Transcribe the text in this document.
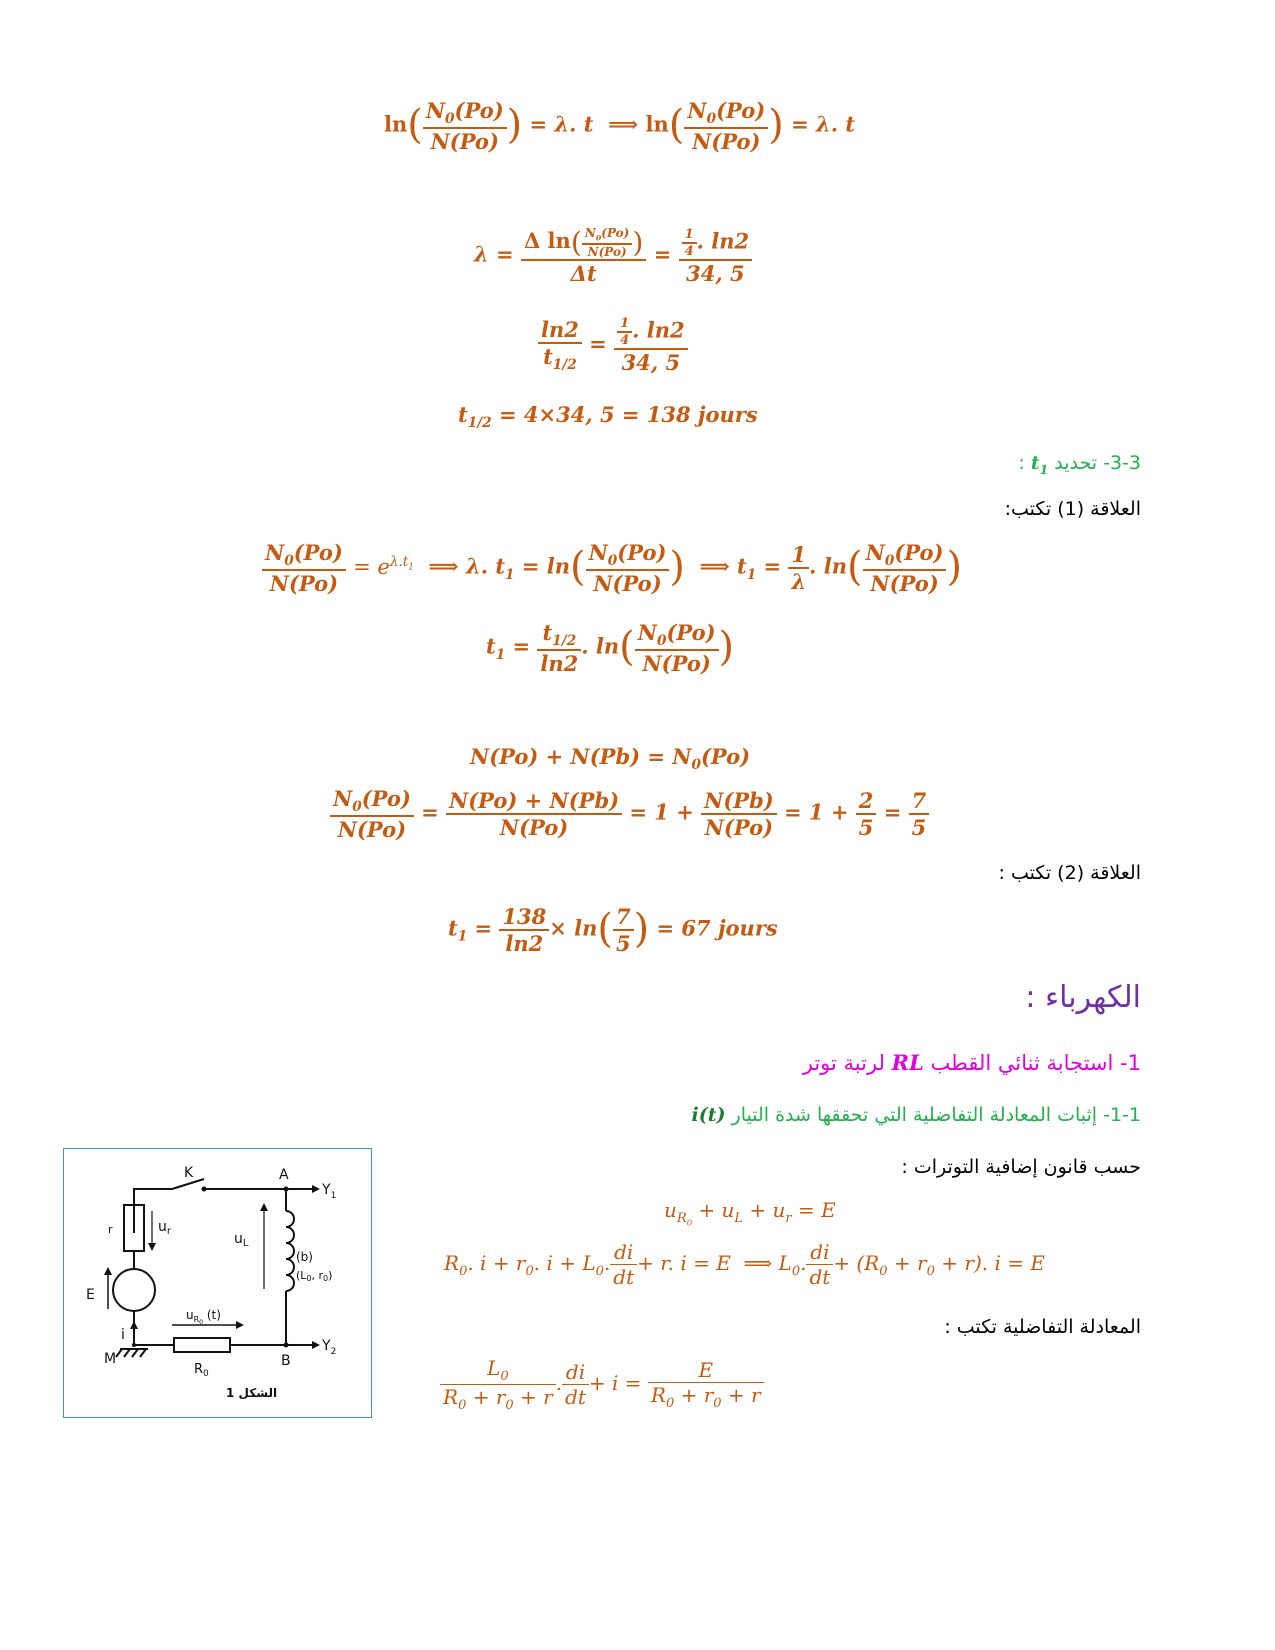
$\ln( \frac{N_0(Po)}{N(Po)}$ ) = λ. t ⟹ $\ln( \frac{N_0(Po)}{N(Po)}$ ) = λ. t
$\lambda = \frac{\Delta \ln( \frac{N_0(Po)}{N(Po)} )}{\Delta t} = \frac{\frac{1}{4} . \ln 2}{34, 5}$
$\frac{\ln 2}{t_{1/2}} = \frac{\frac{1}{4} . \ln 2}{34, 5}$
$t_{1/2} = 4\times 34$, 5 = 138 jours
3-3- تحديد $t_1$ :
العلاقة (1) تكتب:
$\frac{N_0(Po)}{N(Po)} = e^{\lambda.t_1}$  ⟹ λ. $t_1 = \ln( \frac{N_0(Po)}{N(Po)}$ )  ⟹ $t_1 = \frac{1}{\lambda}$ . $\ln( \frac{N_0(Po)}{N(Po)}$ )
$t_1 = \frac{t_{1/2}}{\ln 2}$ . $\ln( \frac{N_0(Po)}{N(Po)}$ )
$N(Po) + N(Pb) = N_0(Po)$
$\frac{N_0(Po)}{N(Po)} = \frac{N(Po) + N(Pb)}{N(Po)} = 1 + \frac{N(Pb)}{N(Po)} = 1 + \frac{2}{5} = \frac{7}{5}$
العلاقة (2) تكتب :
$t_1 = \frac{138}{\ln 2} \times \ln( \frac{7}{5}$ ) = 67 jours
الكهرباء :
1- استجابة ثنائي القطب RL لرتبة توتر
1-1- إثبات المعادلة التفاضلية التي تحققها شدة التيار i(t)
حسب قانون إضافية التوترات :
$u_{R_0} + u_L + u_r = E$
$R_0$. $i + r_0$. $i + L_0$. $\frac{di}{dt} + r$. i = E  ⟹ $L_0$. $\frac{di}{dt} + (R_0 + r_0 + r)$. i = E
المعادلة التفاضلية تكتب :
$\frac{L_0}{R_0 + r_0 + r}$ . $\frac{di}{dt} + i = \frac{E}{R_0 + r_0 + r}$
K	A
$Y_1$
$Y_2$
B
M
E
i
r	$u_r$	$u_L$
(b)
(L0, r0)
$u_R0$ (t)
$R_0$
الشكل 1
